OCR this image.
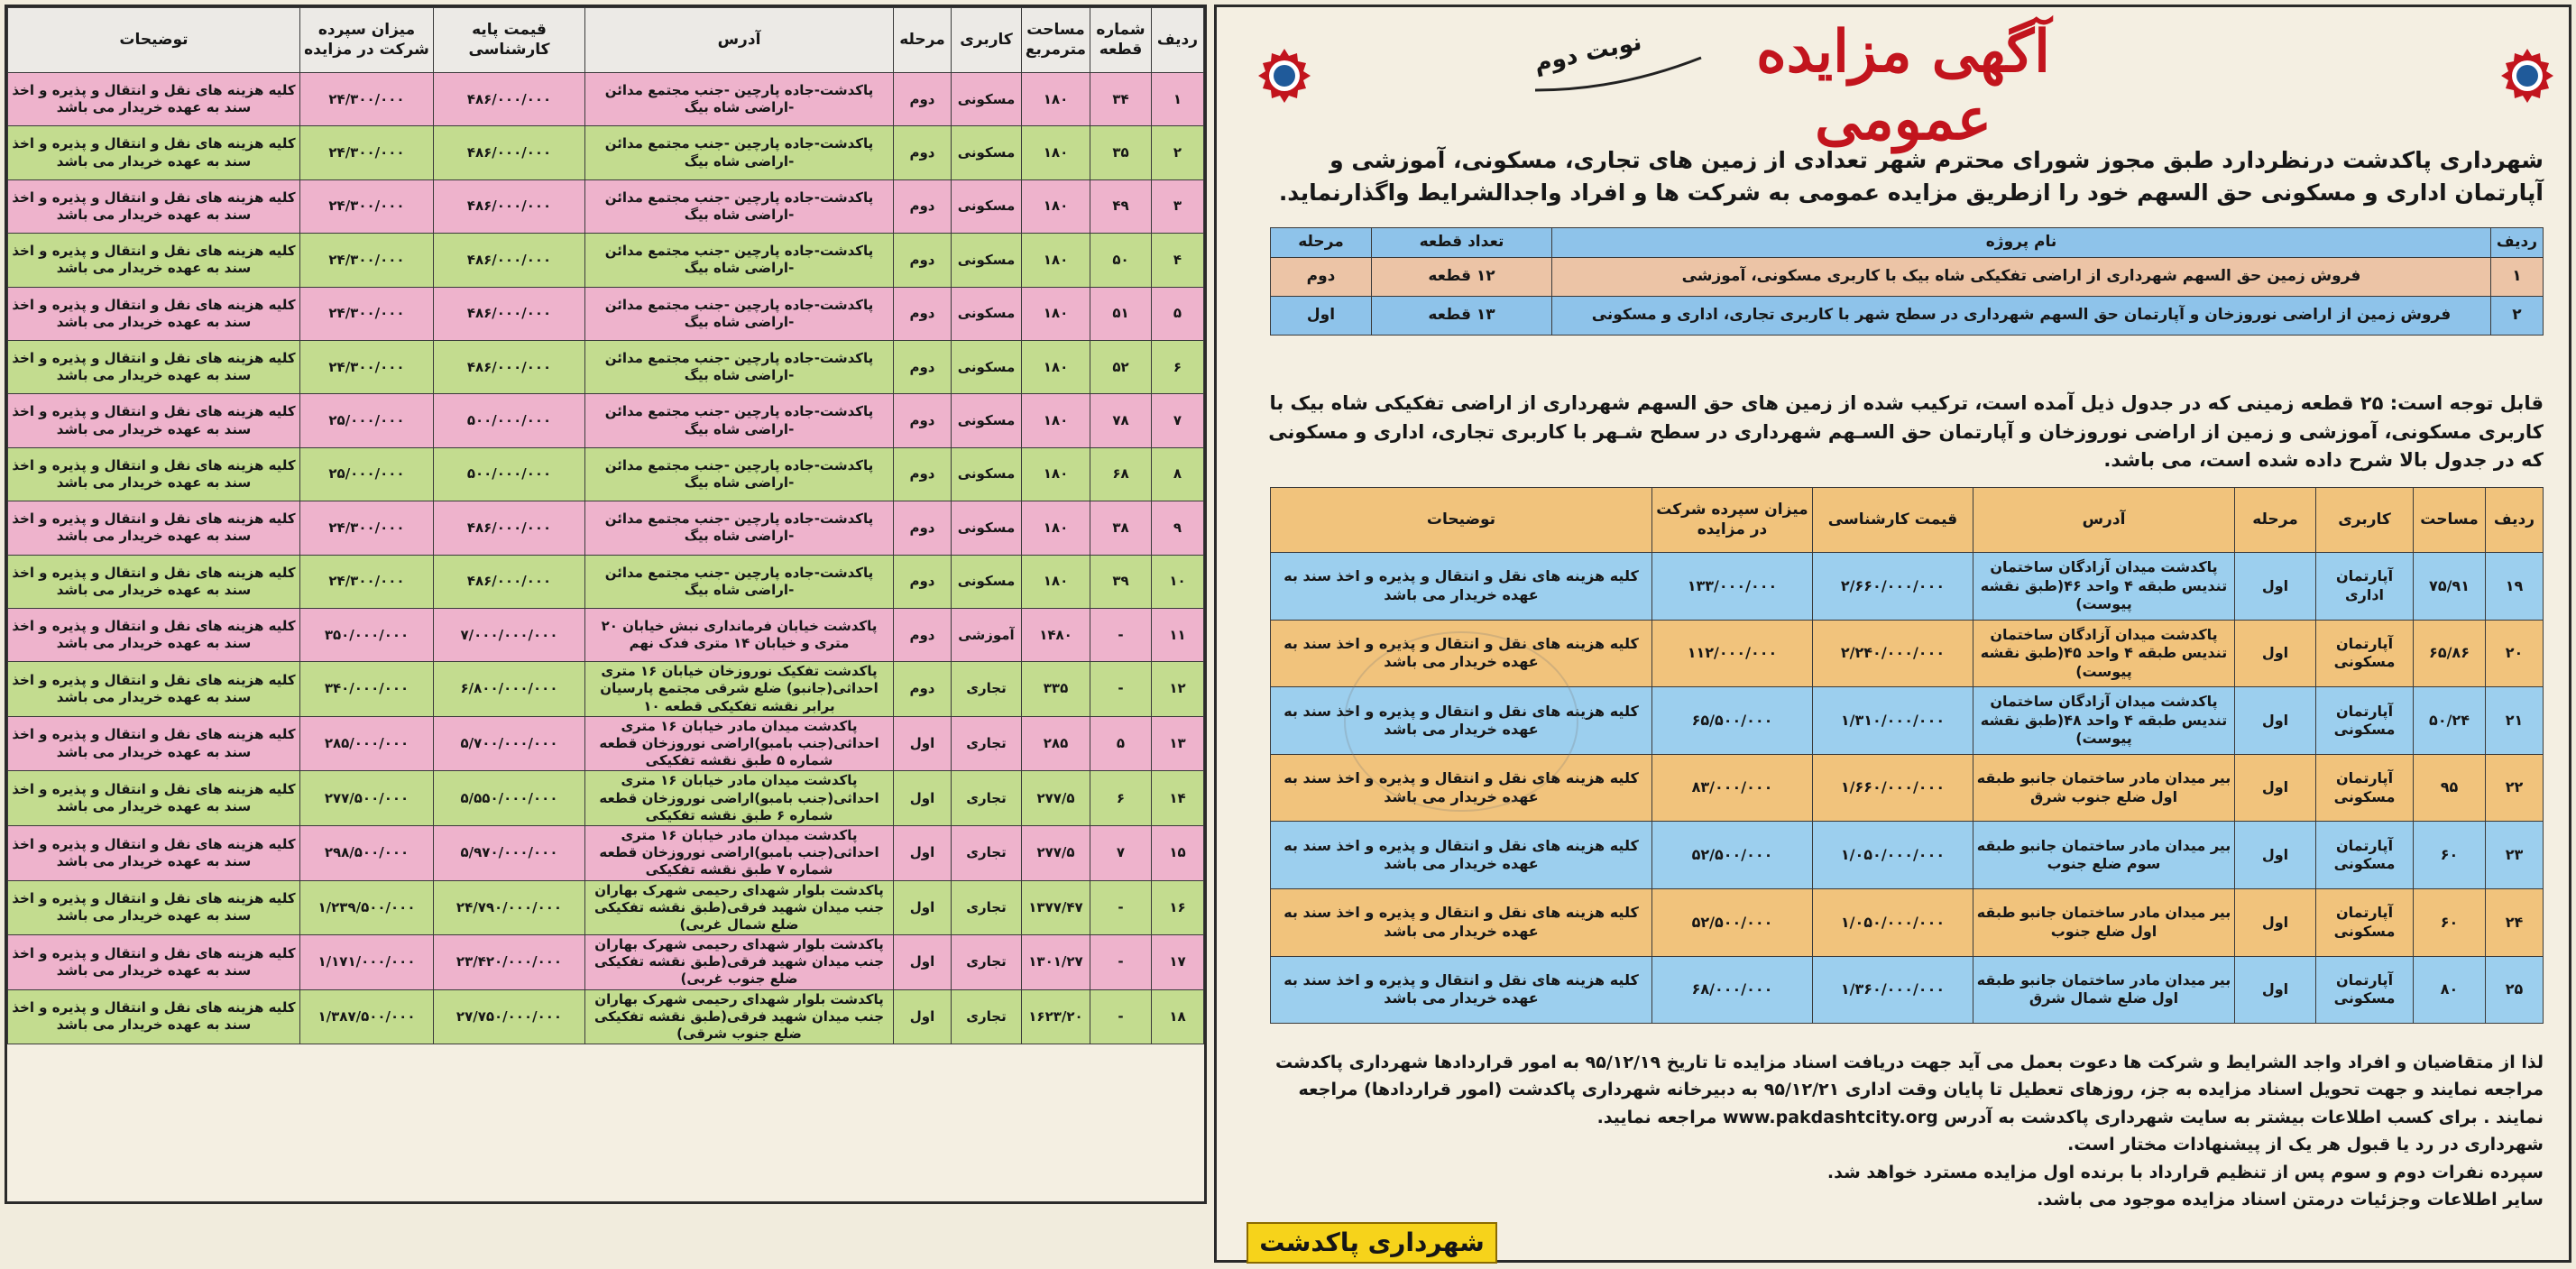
ردیف	شماره قطعه	مساحت مترمربع	کاربری	مرحله	آدرس	قیمت پایه کارشناسی	میزان سپرده شرکت در مزایده	توضیحات
۱	۳۴	۱۸۰	مسکونی	دوم	پاکدشت-جاده پارچین -جنب مجتمع مدائن -اراضی شاه بیگ	۴۸۶/۰۰۰/۰۰۰	۲۴/۳۰۰/۰۰۰	کلیه هزینه های نقل و انتقال و پذیره و اخذ سند به عهده خریدار می باشد
۲	۳۵	۱۸۰	مسکونی	دوم	پاکدشت-جاده پارچین -جنب مجتمع مدائن -اراضی شاه بیگ	۴۸۶/۰۰۰/۰۰۰	۲۴/۳۰۰/۰۰۰	کلیه هزینه های نقل و انتقال و پذیره و اخذ سند به عهده خریدار می باشد
۳	۴۹	۱۸۰	مسکونی	دوم	پاکدشت-جاده پارچین -جنب مجتمع مدائن -اراضی شاه بیگ	۴۸۶/۰۰۰/۰۰۰	۲۴/۳۰۰/۰۰۰	کلیه هزینه های نقل و انتقال و پذیره و اخذ سند به عهده خریدار می باشد
۴	۵۰	۱۸۰	مسکونی	دوم	پاکدشت-جاده پارچین -جنب مجتمع مدائن -اراضی شاه بیگ	۴۸۶/۰۰۰/۰۰۰	۲۴/۳۰۰/۰۰۰	کلیه هزینه های نقل و انتقال و پذیره و اخذ سند به عهده خریدار می باشد
۵	۵۱	۱۸۰	مسکونی	دوم	پاکدشت-جاده پارچین -جنب مجتمع مدائن -اراضی شاه بیگ	۴۸۶/۰۰۰/۰۰۰	۲۴/۳۰۰/۰۰۰	کلیه هزینه های نقل و انتقال و پذیره و اخذ سند به عهده خریدار می باشد
۶	۵۲	۱۸۰	مسکونی	دوم	پاکدشت-جاده پارچین -جنب مجتمع مدائن -اراضی شاه بیگ	۴۸۶/۰۰۰/۰۰۰	۲۴/۳۰۰/۰۰۰	کلیه هزینه های نقل و انتقال و پذیره و اخذ سند به عهده خریدار می باشد
۷	۷۸	۱۸۰	مسکونی	دوم	پاکدشت-جاده پارچین -جنب مجتمع مدائن -اراضی شاه بیگ	۵۰۰/۰۰۰/۰۰۰	۲۵/۰۰۰/۰۰۰	کلیه هزینه های نقل و انتقال و پذیره و اخذ سند به عهده خریدار می باشد
۸	۶۸	۱۸۰	مسکونی	دوم	پاکدشت-جاده پارچین -جنب مجتمع مدائن -اراضی شاه بیگ	۵۰۰/۰۰۰/۰۰۰	۲۵/۰۰۰/۰۰۰	کلیه هزینه های نقل و انتقال و پذیره و اخذ سند به عهده خریدار می باشد
۹	۳۸	۱۸۰	مسکونی	دوم	پاکدشت-جاده پارچین -جنب مجتمع مدائن -اراضی شاه بیگ	۴۸۶/۰۰۰/۰۰۰	۲۴/۳۰۰/۰۰۰	کلیه هزینه های نقل و انتقال و پذیره و اخذ سند به عهده خریدار می باشد
۱۰	۳۹	۱۸۰	مسکونی	دوم	پاکدشت-جاده پارچین -جنب مجتمع مدائن -اراضی شاه بیگ	۴۸۶/۰۰۰/۰۰۰	۲۴/۳۰۰/۰۰۰	کلیه هزینه های نقل و انتقال و پذیره و اخذ سند به عهده خریدار می باشد
۱۱	-	۱۴۸۰	آموزشی	دوم	پاکدشت خیابان فرمانداری نبش خیابان ۲۰ متری و خیابان ۱۴ متری فدک نهم	۷/۰۰۰/۰۰۰/۰۰۰	۳۵۰/۰۰۰/۰۰۰	کلیه هزینه های نقل و انتقال و پذیره و اخذ سند به عهده خریدار می باشد
۱۲	-	۳۳۵	تجاری	دوم	پاکدشت تفکیک نوروزخان خیابان ۱۶ متری احداثی(جانبو) ضلع شرقی مجتمع پارسیان برابر نقشه تفکیکی قطعه ۱۰	۶/۸۰۰/۰۰۰/۰۰۰	۳۴۰/۰۰۰/۰۰۰	کلیه هزینه های نقل و انتقال و پذیره و اخذ سند به عهده خریدار می باشد
۱۳	۵	۲۸۵	تجاری	اول	پاکدشت میدان مادر خیابان ۱۶ متری احداثی(جنب بامبو)اراضی نوروزخان قطعه شماره ۵ طبق نقشه تفکیکی	۵/۷۰۰/۰۰۰/۰۰۰	۲۸۵/۰۰۰/۰۰۰	کلیه هزینه های نقل و انتقال و پذیره و اخذ سند به عهده خریدار می باشد
۱۴	۶	۲۷۷/۵	تجاری	اول	پاکدشت میدان مادر خیابان ۱۶ متری احداثی(جنب بامبو)اراضی نوروزخان قطعه شماره ۶ طبق نقشه تفکیکی	۵/۵۵۰/۰۰۰/۰۰۰	۲۷۷/۵۰۰/۰۰۰	کلیه هزینه های نقل و انتقال و پذیره و اخذ سند به عهده خریدار می باشد
۱۵	۷	۲۷۷/۵	تجاری	اول	پاکدشت میدان مادر خیابان ۱۶ متری احداثی(جنب بامبو)اراضی نوروزخان قطعه شماره ۷ طبق نقشه تفکیکی	۵/۹۷۰/۰۰۰/۰۰۰	۲۹۸/۵۰۰/۰۰۰	کلیه هزینه های نقل و انتقال و پذیره و اخذ سند به عهده خریدار می باشد
۱۶	-	۱۳۷۷/۴۷	تجاری	اول	پاکدشت بلوار شهدای رحیمی شهرک بهاران جنب میدان شهید فرقی(طبق نقشه تفکیکی ضلع شمال غربی)	۲۴/۷۹۰/۰۰۰/۰۰۰	۱/۲۳۹/۵۰۰/۰۰۰	کلیه هزینه های نقل و انتقال و پذیره و اخذ سند به عهده خریدار می باشد
۱۷	-	۱۳۰۱/۲۷	تجاری	اول	پاکدشت بلوار شهدای رحیمی شهرک بهاران جنب میدان شهید فرقی(طبق نقشه تفکیکی ضلع جنوب غربی)	۲۳/۴۲۰/۰۰۰/۰۰۰	۱/۱۷۱/۰۰۰/۰۰۰	کلیه هزینه های نقل و انتقال و پذیره و اخذ سند به عهده خریدار می باشد
۱۸	-	۱۶۲۳/۲۰	تجاری	اول	پاکدشت بلوار شهدای رحیمی شهرک بهاران جنب میدان شهید فرقی(طبق نقشه تفکیکی ضلع جنوب شرقی)	۲۷/۷۵۰/۰۰۰/۰۰۰	۱/۳۸۷/۵۰۰/۰۰۰	کلیه هزینه های نقل و انتقال و پذیره و اخذ سند به عهده خریدار می باشد
آگهی مزایده عمومی
نوبت دوم
شهرداری پاکدشت درنظردارد طبق مجوز شورای محترم شهر تعدادی از زمین های تجاری، مسکونی، آموزشی و آپارتمان اداری و مسکونی حق السهم خود را ازطریق مزایده عمومی به شرکت ها و افراد واجدالشرایط واگذارنماید.
ردیف	نام پروژه	تعداد قطعه	مرحله
۱	فروش زمین حق السهم شهرداری از اراضی تفکیکی شاه بیک با کاربری مسکونی، آموزشی	۱۲ قطعه	دوم
۲	فروش زمین از اراضی نوروزخان و آپارتمان حق السهم شهرداری در سطح شهر با کاربری تجاری، اداری و مسکونی	۱۳ قطعه	اول
قابل توجه است: ۲۵ قطعه زمینی که در جدول ذیل آمده است، ترکیب شده از زمین های حق السهم شهرداری از اراضی تفکیکی شاه بیک با کاربری مسکونی، آموزشی و زمین از اراضی نوروزخان و آپارتمان حق السـهم شهرداری در سطح شـهر با کاربری تجاری، اداری و مسکونی که در جدول بالا شرح داده شده است، می باشد.
ردیف	مساحت	کاربری	مرحله	آدرس	قیمت کارشناسی	میزان سپرده شرکت در مزایده	توضیحات
۱۹	۷۵/۹۱	آپارتمان اداری	اول	پاکدشت میدان آزادگان ساختمان تندیس طبقه ۴ واحد ۴۶(طبق نقشه پیوست)	۲/۶۶۰/۰۰۰/۰۰۰	۱۳۳/۰۰۰/۰۰۰	کلیه هزینه های نقل و انتقال و پذیره و اخذ سند به عهده خریدار می باشد
۲۰	۶۵/۸۶	آپارتمان مسکونی	اول	پاکدشت میدان آزادگان ساختمان تندیس طبقه ۴ واحد ۴۵(طبق نقشه پیوست)	۲/۲۴۰/۰۰۰/۰۰۰	۱۱۲/۰۰۰/۰۰۰	کلیه هزینه های نقل و انتقال و پذیره و اخذ سند به عهده خریدار می باشد
۲۱	۵۰/۲۴	آپارتمان مسکونی	اول	پاکدشت میدان آزادگان ساختمان تندیس طبقه ۴ واحد ۴۸(طبق نقشه پیوست)	۱/۳۱۰/۰۰۰/۰۰۰	۶۵/۵۰۰/۰۰۰	کلیه هزینه های نقل و انتقال و پذیره و اخذ سند به عهده خریدار می باشد
۲۲	۹۵	آپارتمان مسکونی	اول	بیر میدان مادر ساختمان جانبو طبقه اول ضلع جنوب شرق	۱/۶۶۰/۰۰۰/۰۰۰	۸۳/۰۰۰/۰۰۰	کلیه هزینه های نقل و انتقال و پذیره و اخذ سند به عهده خریدار می باشد
۲۳	۶۰	آپارتمان مسکونی	اول	بیر میدان مادر ساختمان جانبو طبقه سوم ضلع جنوب	۱/۰۵۰/۰۰۰/۰۰۰	۵۲/۵۰۰/۰۰۰	کلیه هزینه های نقل و انتقال و پذیره و اخذ سند به عهده خریدار می باشد
۲۴	۶۰	آپارتمان مسکونی	اول	بیر میدان مادر ساختمان جانبو طبقه اول ضلع جنوب	۱/۰۵۰/۰۰۰/۰۰۰	۵۲/۵۰۰/۰۰۰	کلیه هزینه های نقل و انتقال و پذیره و اخذ سند به عهده خریدار می باشد
۲۵	۸۰	آپارتمان مسکونی	اول	بیر میدان مادر ساختمان جانبو طبقه اول ضلع شمال شرق	۱/۳۶۰/۰۰۰/۰۰۰	۶۸/۰۰۰/۰۰۰	کلیه هزینه های نقل و انتقال و پذیره و اخذ سند به عهده خریدار می باشد
لذا از متقاضیان و افراد واجد الشرایط و شرکت ها دعوت بعمل می آید جهت دریافت اسناد مزایده تا تاریخ ۹۵/۱۲/۱۹ به امور قراردادها شهرداری پاکدشت مراجعه نمایند و جهت تحویل اسناد مزایده به جز، روزهای تعطیل تا پایان وقت اداری ۹۵/۱۲/۲۱ به دبیرخانه شهرداری پاکدشت (امور قراردادها) مراجعه نمایند . برای کسب اطلاعات بیشتر به سایت شهرداری پاکدشت به آدرس www.pakdashtcity.org مراجعه نمایید.
شهرداری در رد یا قبول هر یک از پیشنهادات مختار است.
سپرده نفرات دوم و سوم پس از تنظیم قرارداد با برنده اول مزایده مسترد خواهد شد.
سایر اطلاعات وجزئیات درمتن اسناد مزایده موجود می باشد.
شهرداری پاکدشت
